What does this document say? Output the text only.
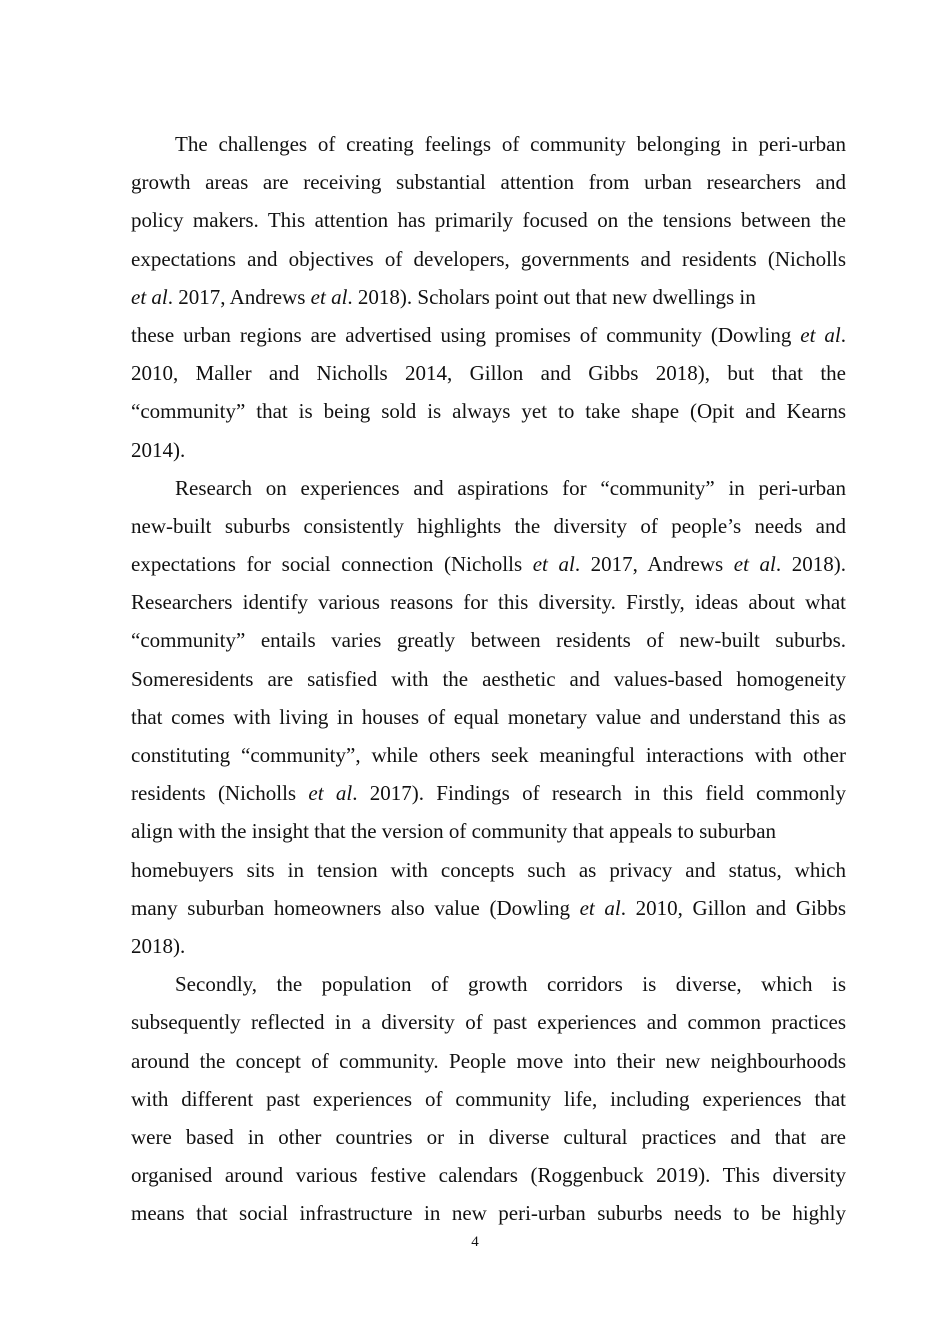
The challenges of creating feelings of community belonging in peri-urban
growth areas are receiving substantial attention from urban researchers and
policy makers. This attention has primarily focused on the tensions between the
expectations and objectives of developers, governments and residents (Nicholls
et al. 2017, Andrews et al. 2018). Scholars point out that new dwellings in
these urban regions are advertised using promises of community (Dowling et al.
2010, Maller and Nicholls 2014, Gillon and Gibbs 2018), but that the
“community” that is being sold is always yet to take shape (Opit and Kearns
2014).
Research on experiences and aspirations for “community” in peri-urban
new-built suburbs consistently highlights the diversity of people’s needs and
expectations for social connection (Nicholls et al. 2017, Andrews et al. 2018).
Researchers identify various reasons for this diversity. Firstly, ideas about what
“community” entails varies greatly between residents of new-built suburbs.
Someresidents are satisfied with the aesthetic and values-based homogeneity
that comes with living in houses of equal monetary value and understand this as
constituting “community”, while others seek meaningful interactions with other
residents (Nicholls et al. 2017). Findings of research in this field commonly
align with the insight that the version of community that appeals to suburban
homebuyers sits in tension with concepts such as privacy and status, which
many suburban homeowners also value (Dowling et al. 2010, Gillon and Gibbs
2018).
Secondly, the population of growth corridors is diverse, which is
subsequently reflected in a diversity of past experiences and common practices
around the concept of community. People move into their new neighbourhoods
with different past experiences of community life, including experiences that
were based in other countries or in diverse cultural practices and that are
organised around various festive calendars (Roggenbuck 2019). This diversity
means that social infrastructure in new peri-urban suburbs needs to be highly
4
